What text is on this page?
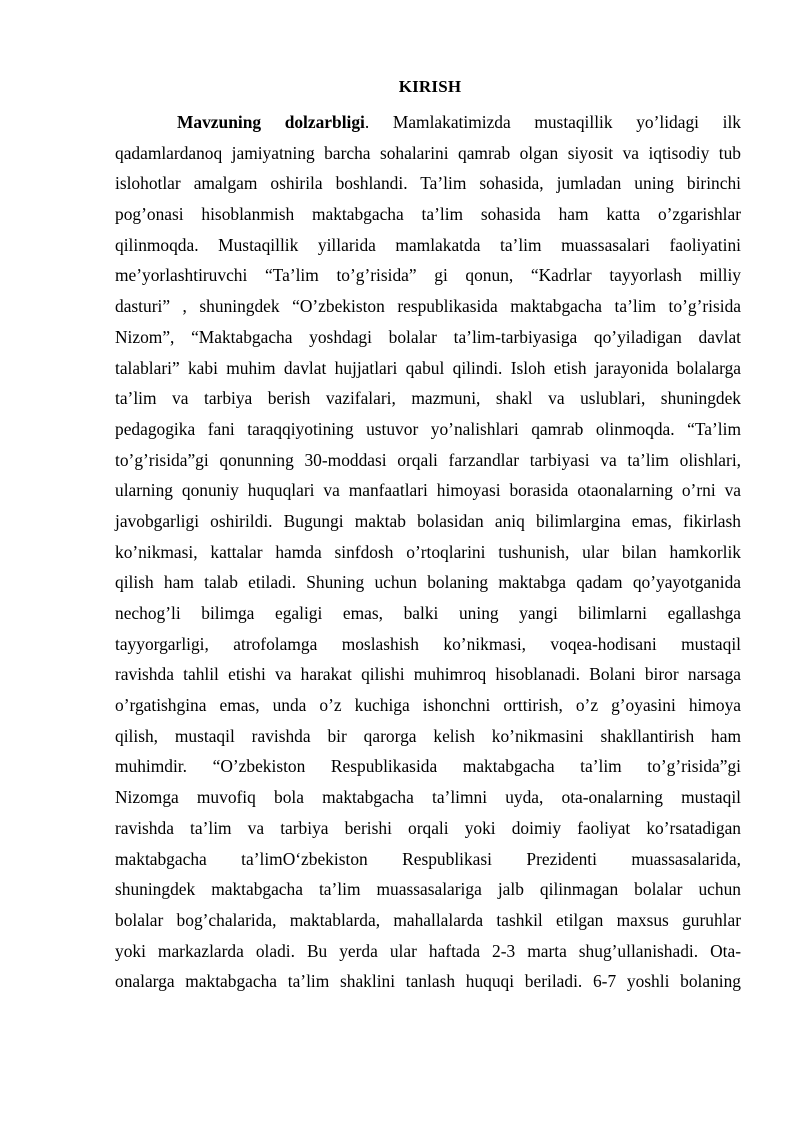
KIRISH
Mavzuning dolzarbligi. Mamlakatimizda mustaqillik yo’lidagi ilk
qadamlardanoq jamiyatning barcha sohalarini qamrab olgan siyosit va iqtisodiy tub
islohotlar amalgam oshirila boshlandi. Ta’lim sohasida, jumladan uning birinchi
pog’onasi hisoblanmish maktabgacha ta’lim sohasida ham katta o’zgarishlar
qilinmoqda. Mustaqillik yillarida mamlakatda ta’lim muassasalari faoliyatini
me’yorlashtiruvchi “Ta’lim to’g’risida” gi qonun, “Kadrlar tayyorlash milliy
dasturi” , shuningdek “O’zbekiston respublikasida maktabgacha ta’lim to’g’risida
Nizom”, “Maktabgacha yoshdagi bolalar ta’lim-tarbiyasiga qo’yiladigan davlat
talablari” kabi muhim davlat hujjatlari qabul qilindi. Isloh etish jarayonida bolalarga
ta’lim va tarbiya berish vazifalari, mazmuni, shakl va uslublari, shuningdek
pedagogika fani taraqqiyotining ustuvor yo’nalishlari qamrab olinmoqda. “Ta’lim
to’g’risida”gi qonunning 30-moddasi orqali farzandlar tarbiyasi va ta’lim olishlari,
ularning qonuniy huquqlari va manfaatlari himoyasi borasida otaonalarning o’rni va
javobgarligi oshirildi. Bugungi maktab bolasidan aniq bilimlargina emas, fikirlash
ko’nikmasi, kattalar hamda sinfdosh o’rtoqlarini tushunish, ular bilan hamkorlik
qilish ham talab etiladi. Shuning uchun bolaning maktabga qadam qo’yayotganida
nechog’li bilimga egaligi emas, balki uning yangi bilimlarni egallashga
tayyorgarligi, atrofolamga moslashish ko’nikmasi, voqea-hodisani mustaqil
ravishda tahlil etishi va harakat qilishi muhimroq hisoblanadi. Bolani biror narsaga
o’rgatishgina emas, unda o’z kuchiga ishonchni orttirish, o’z g’oyasini himoya
qilish, mustaqil ravishda bir qarorga kelish ko’nikmasini shakllantirish ham
muhimdir. “O’zbekiston Respublikasida maktabgacha ta’lim to’g’risida”gi
Nizomga muvofiq bola maktabgacha ta’limni uyda, ota-onalarning mustaqil
ravishda ta’lim va tarbiya berishi orqali yoki doimiy faoliyat ko’rsatadigan
maktabgacha ta’limO‘zbekiston Respublikasi Prezidenti muassasalarida,
shuningdek maktabgacha ta’lim muassasalariga jalb qilinmagan bolalar uchun
bolalar bog’chalarida, maktablarda, mahallalarda tashkil etilgan maxsus guruhlar
yoki markazlarda oladi. Bu yerda ular haftada 2-3 marta shug’ullanishadi. Ota-
onalarga maktabgacha ta’lim shaklini tanlash huquqi beriladi. 6-7 yoshli bolaning
